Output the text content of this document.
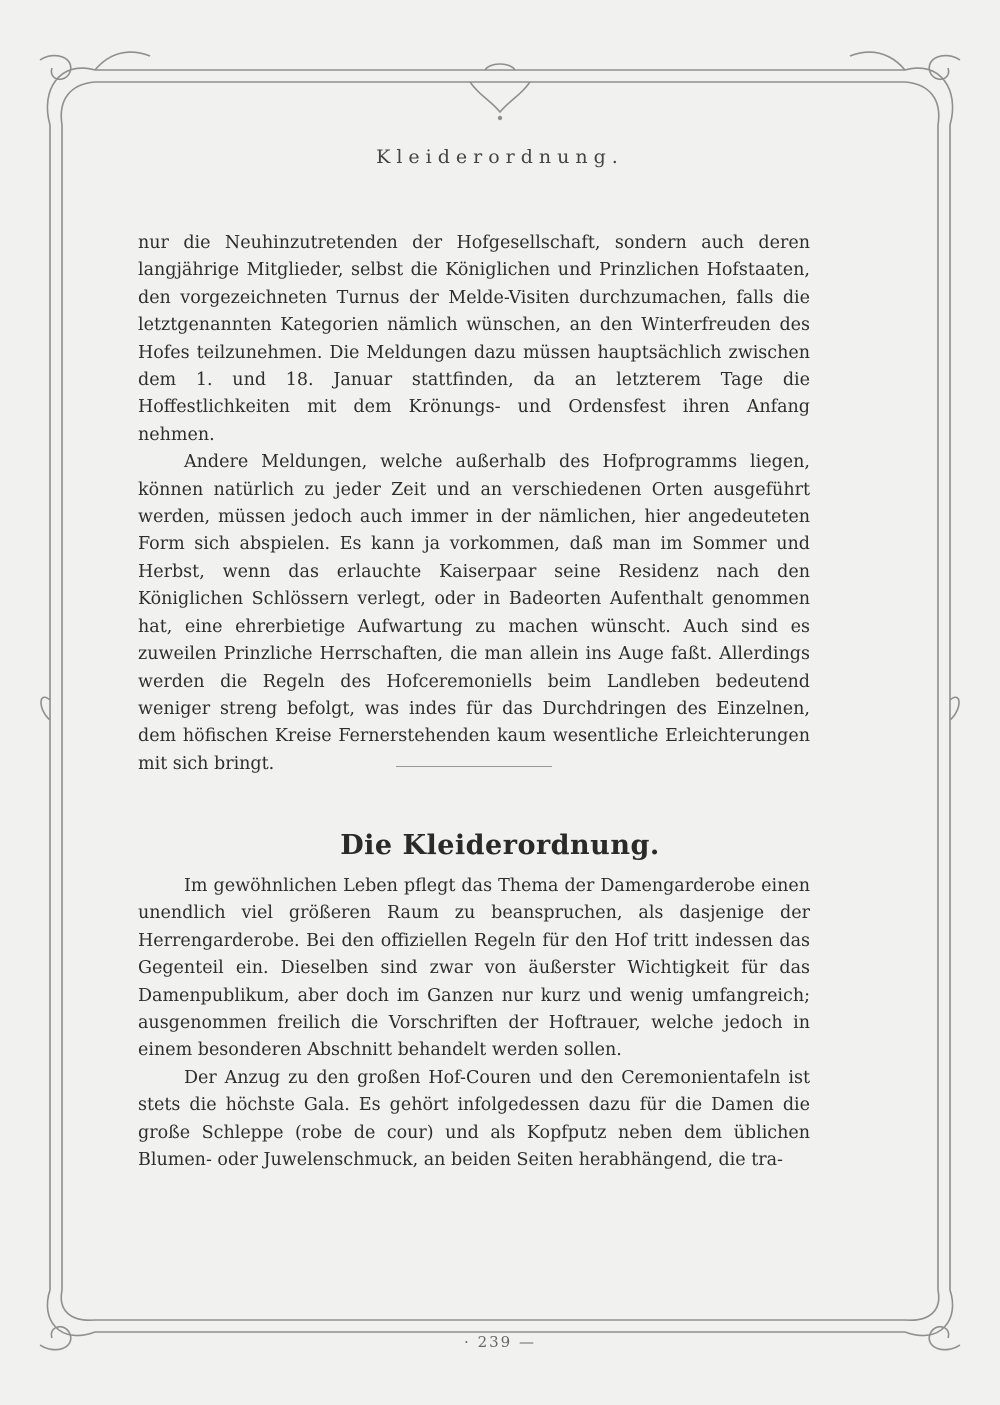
Kleiderordnung.

nur die Neuhinzutretenden der Hofgesellschaft, sondern auch deren langjährige Mitglieder, selbst die Königlichen und Prinzlichen Hofstaaten, den vorgezeichneten Turnus der Melde-Visiten durchzumachen, falls die letztgenannten Kategorien nämlich wünschen, an den Winterfreuden des Hofes teilzunehmen. Die Meldungen dazu müssen hauptsächlich zwischen dem 1. und 18. Januar stattfinden, da an letzterem Tage die Hoffestlichkeiten mit dem Krönungs- und Ordensfest ihren Anfang nehmen.

Andere Meldungen, welche außerhalb des Hofprogramms liegen, können natürlich zu jeder Zeit und an verschiedenen Orten ausgeführt werden, müssen jedoch auch immer in der nämlichen, hier angedeuteten Form sich abspielen. Es kann ja vorkommen, daß man im Sommer und Herbst, wenn das erlauchte Kaiserpaar seine Residenz nach den Königlichen Schlössern verlegt, oder in Badeorten Aufenthalt genommen hat, eine ehrerbietige Aufwartung zu machen wünscht. Auch sind es zuweilen Prinzliche Herrschaften, die man allein ins Auge faßt. Allerdings werden die Regeln des Hofceremoniells beim Landleben bedeutend weniger streng befolgt, was indes für das Durchdringen des Einzelnen, dem höfischen Kreise Fernerstehenden kaum wesentliche Erleichterungen mit sich bringt.

Die Kleiderordnung.

Im gewöhnlichen Leben pflegt das Thema der Damengarderobe einen unendlich viel größeren Raum zu beanspruchen, als dasjenige der Herrengarderobe. Bei den offiziellen Regeln für den Hof tritt indessen das Gegenteil ein. Dieselben sind zwar von äußerster Wichtigkeit für das Damenpublikum, aber doch im Ganzen nur kurz und wenig umfangreich; ausgenommen freilich die Vorschriften der Hoftrauer, welche jedoch in einem besonderen Abschnitt behandelt werden sollen.

Der Anzug zu den großen Hof-Couren und den Ceremonientafeln ist stets die höchste Gala. Es gehört infolgedessen dazu für die Damen die große Schleppe (robe de cour) und als Kopfputz neben dem üblichen Blumen- oder Juwelenschmuck, an beiden Seiten herabhängend, die tra-

· 239 —
